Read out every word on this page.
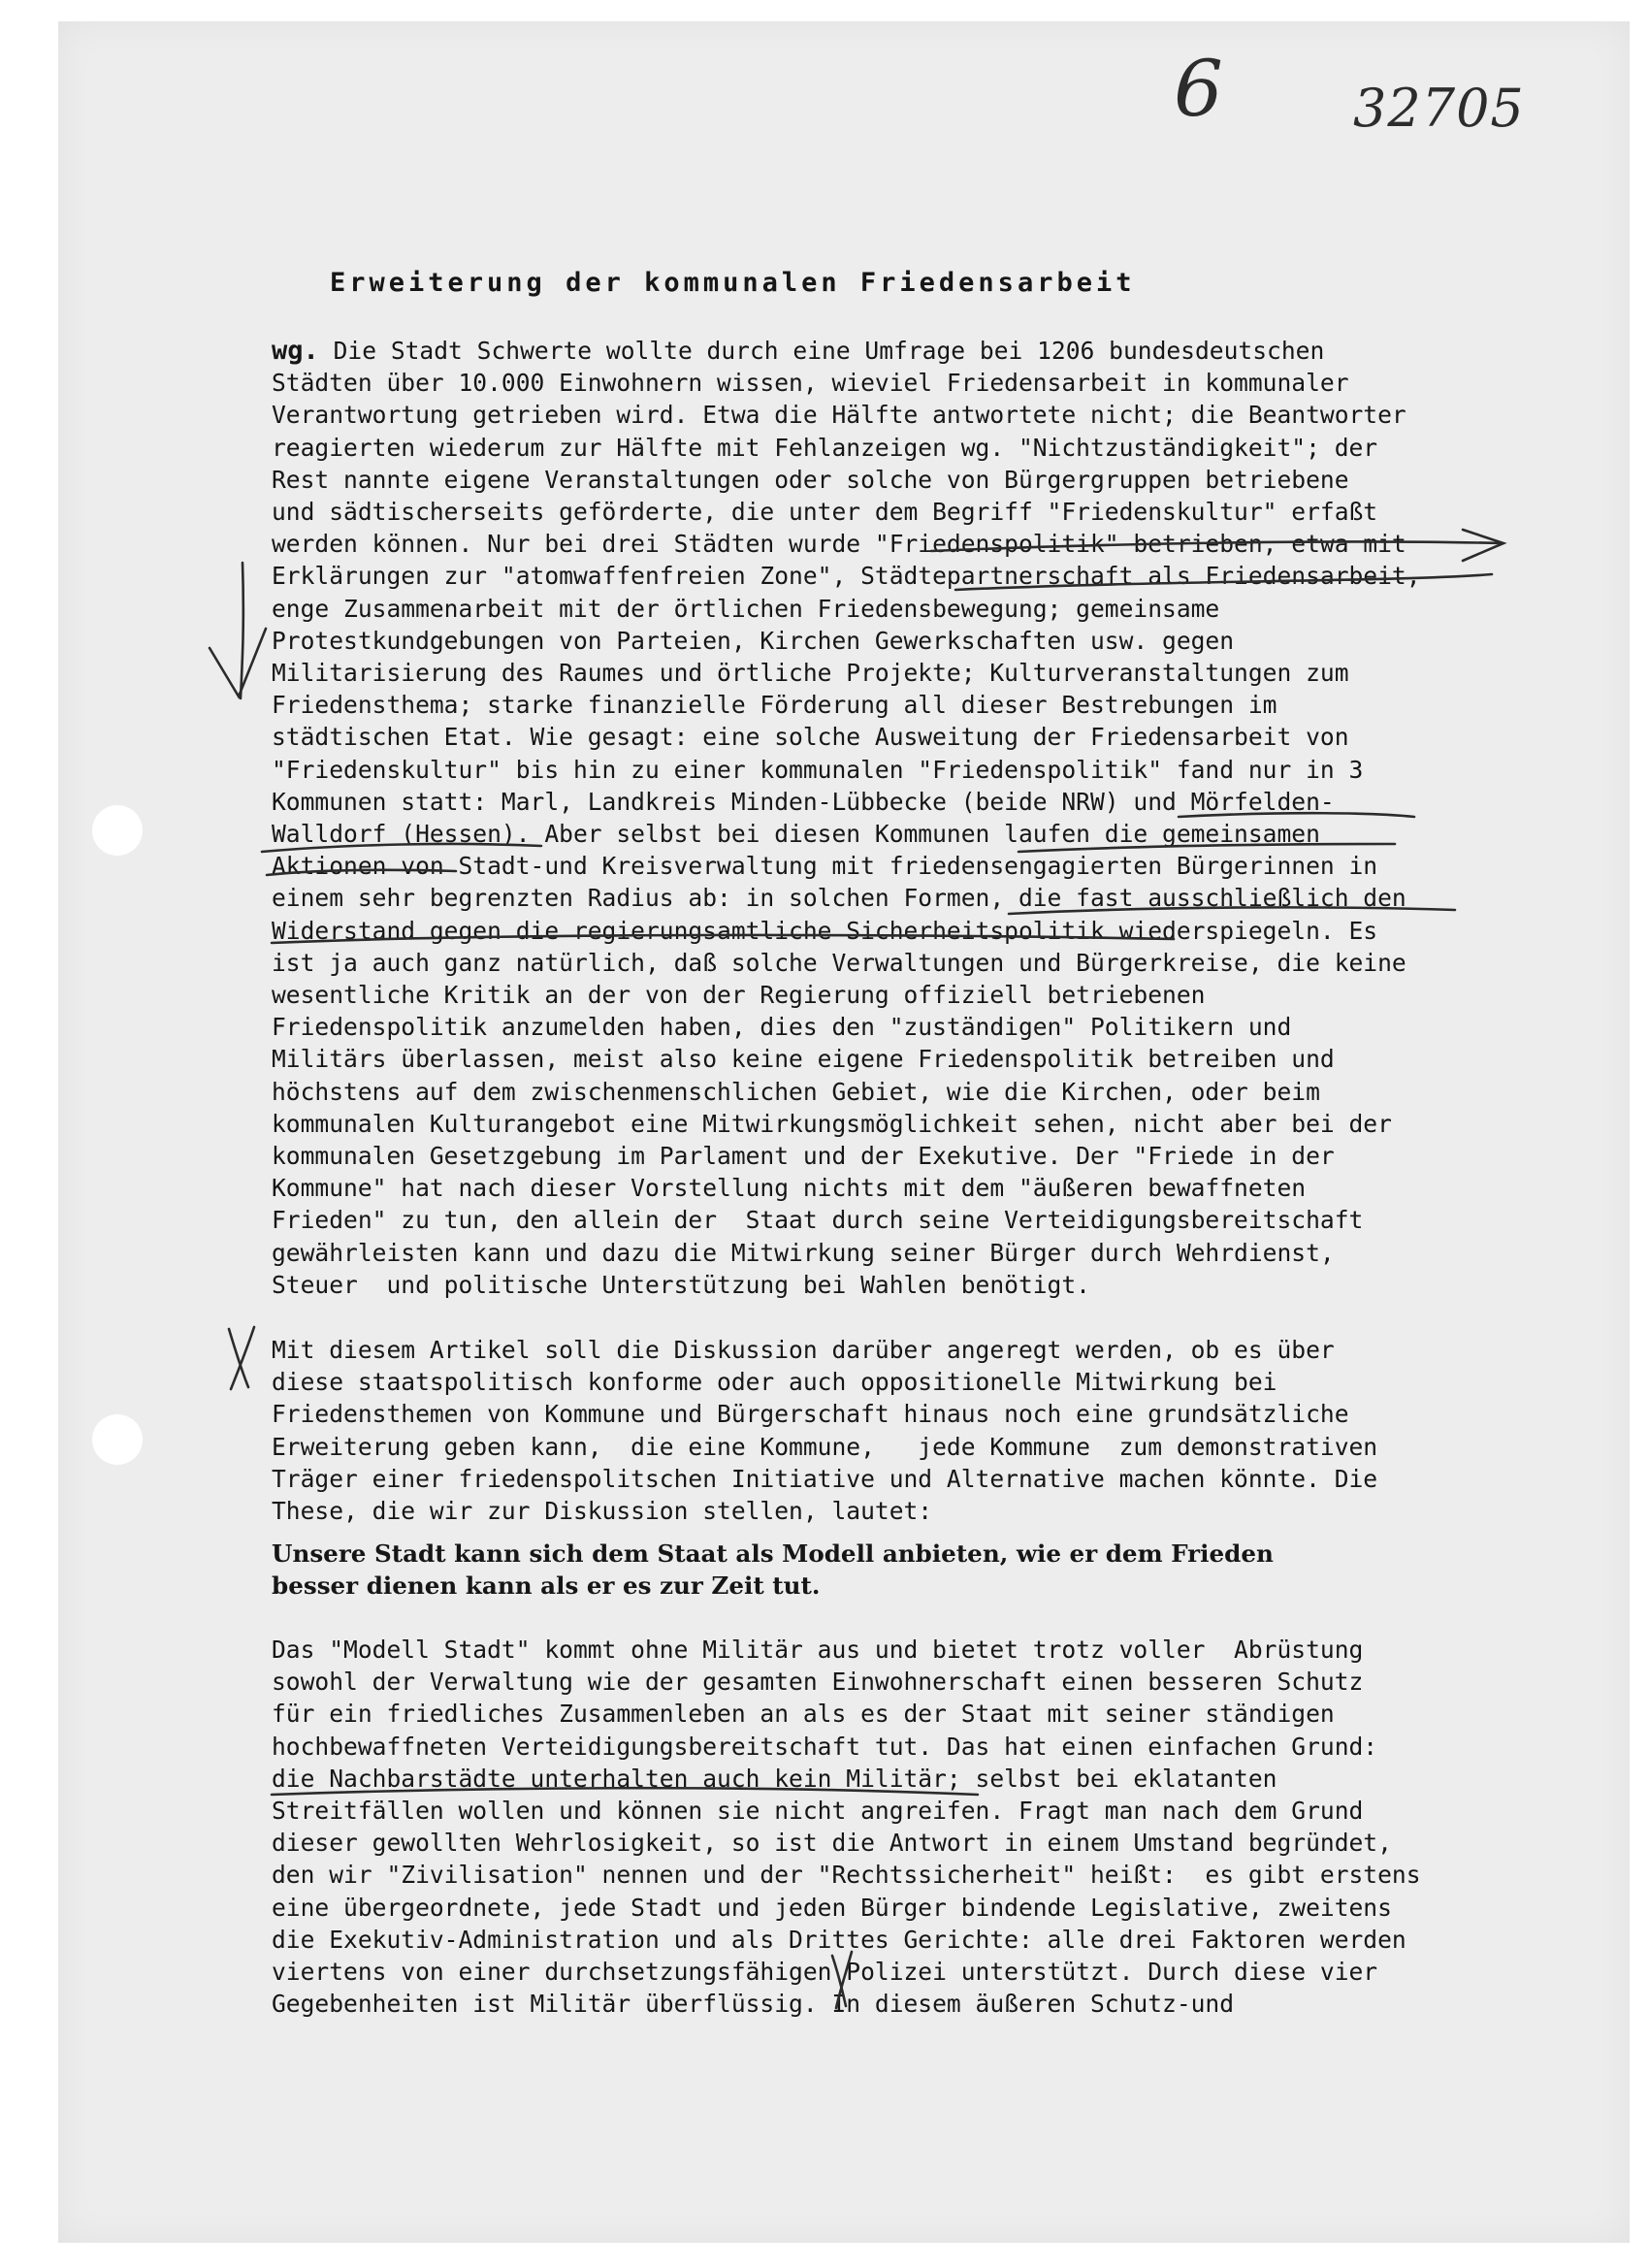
6 32705
Erweiterung der kommunalen Friedensarbeit
wg. Die Stadt Schwerte wollte durch eine Umfrage bei 1206 bundesdeutschen
Städten über 10.000 Einwohnern wissen, wieviel Friedensarbeit in kommunaler
Verantwortung getrieben wird. Etwa die Hälfte antwortete nicht; die Beantworter
reagierten wiederum zur Hälfte mit Fehlanzeigen wg. "Nichtzuständigkeit"; der
Rest nannte eigene Veranstaltungen oder solche von Bürgergruppen betriebene
und sädtischerseits geförderte, die unter dem Begriff "Friedenskultur" erfaßt
werden können. Nur bei drei Städten wurde "Friedenspolitik" betrieben, etwa mit
Erklärungen zur "atomwaffenfreien Zone", Städtepartnerschaft als Friedensarbeit,
enge Zusammenarbeit mit der örtlichen Friedensbewegung; gemeinsame
Protestkundgebungen von Parteien, Kirchen Gewerkschaften usw. gegen
Militarisierung des Raumes und örtliche Projekte; Kulturveranstaltungen zum
Friedensthema; starke finanzielle Förderung all dieser Bestrebungen im
städtischen Etat. Wie gesagt: eine solche Ausweitung der Friedensarbeit von
"Friedenskultur" bis hin zu einer kommunalen "Friedenspolitik" fand nur in 3
Kommunen statt: Marl, Landkreis Minden-Lübbecke (beide NRW) und Mörfelden-
Walldorf (Hessen). Aber selbst bei diesen Kommunen laufen die gemeinsamen
Aktionen von Stadt-und Kreisverwaltung mit friedensengagierten Bürgerinnen in
einem sehr begrenzten Radius ab: in solchen Formen, die fast ausschließlich den
Widerstand gegen die regierungsamtliche Sicherheitspolitik wiederspiegeln. Es
ist ja auch ganz natürlich, daß solche Verwaltungen und Bürgerkreise, die keine
wesentliche Kritik an der von der Regierung offiziell betriebenen
Friedenspolitik anzumelden haben, dies den "zuständigen" Politikern und
Militärs überlassen, meist also keine eigene Friedenspolitik betreiben und
höchstens auf dem zwischenmenschlichen Gebiet, wie die Kirchen, oder beim
kommunalen Kulturangebot eine Mitwirkungsmöglichkeit sehen, nicht aber bei der
kommunalen Gesetzgebung im Parlament und der Exekutive. Der "Friede in der
Kommune" hat nach dieser Vorstellung nichts mit dem "äußeren bewaffneten
Frieden" zu tun, den allein der  Staat durch seine Verteidigungsbereitschaft
gewährleisten kann und dazu die Mitwirkung seiner Bürger durch Wehrdienst,
Steuer  und politische Unterstützung bei Wahlen benötigt.
Mit diesem Artikel soll die Diskussion darüber angeregt werden, ob es über
diese staatspolitisch konforme oder auch oppositionelle Mitwirkung bei
Friedensthemen von Kommune und Bürgerschaft hinaus noch eine grundsätzliche
Erweiterung geben kann,  die eine Kommune,   jede Kommune  zum demonstrativen
Träger einer friedenspolitschen Initiative und Alternative machen könnte. Die
These, die wir zur Diskussion stellen, lautet:
Unsere Stadt kann sich dem Staat als Modell anbieten, wie er dem Frieden
besser dienen kann als er es zur Zeit tut.
Das "Modell Stadt" kommt ohne Militär aus und bietet trotz voller  Abrüstung
sowohl der Verwaltung wie der gesamten Einwohnerschaft einen besseren Schutz
für ein friedliches Zusammenleben an als es der Staat mit seiner ständigen
hochbewaffneten Verteidigungsbereitschaft tut. Das hat einen einfachen Grund:
die Nachbarstädte unterhalten auch kein Militär; selbst bei eklatanten
Streitfällen wollen und können sie nicht angreifen. Fragt man nach dem Grund
dieser gewollten Wehrlosigkeit, so ist die Antwort in einem Umstand begründet,
den wir "Zivilisation" nennen und der "Rechtssicherheit" heißt:  es gibt erstens
eine übergeordnete, jede Stadt und jeden Bürger bindende Legislative, zweitens
die Exekutiv-Administration und als Drittes Gerichte: alle drei Faktoren werden
viertens von einer durchsetzungsfähigen Polizei unterstützt. Durch diese vier
Gegebenheiten ist Militär überflüssig. In diesem äußeren Schutz-und
